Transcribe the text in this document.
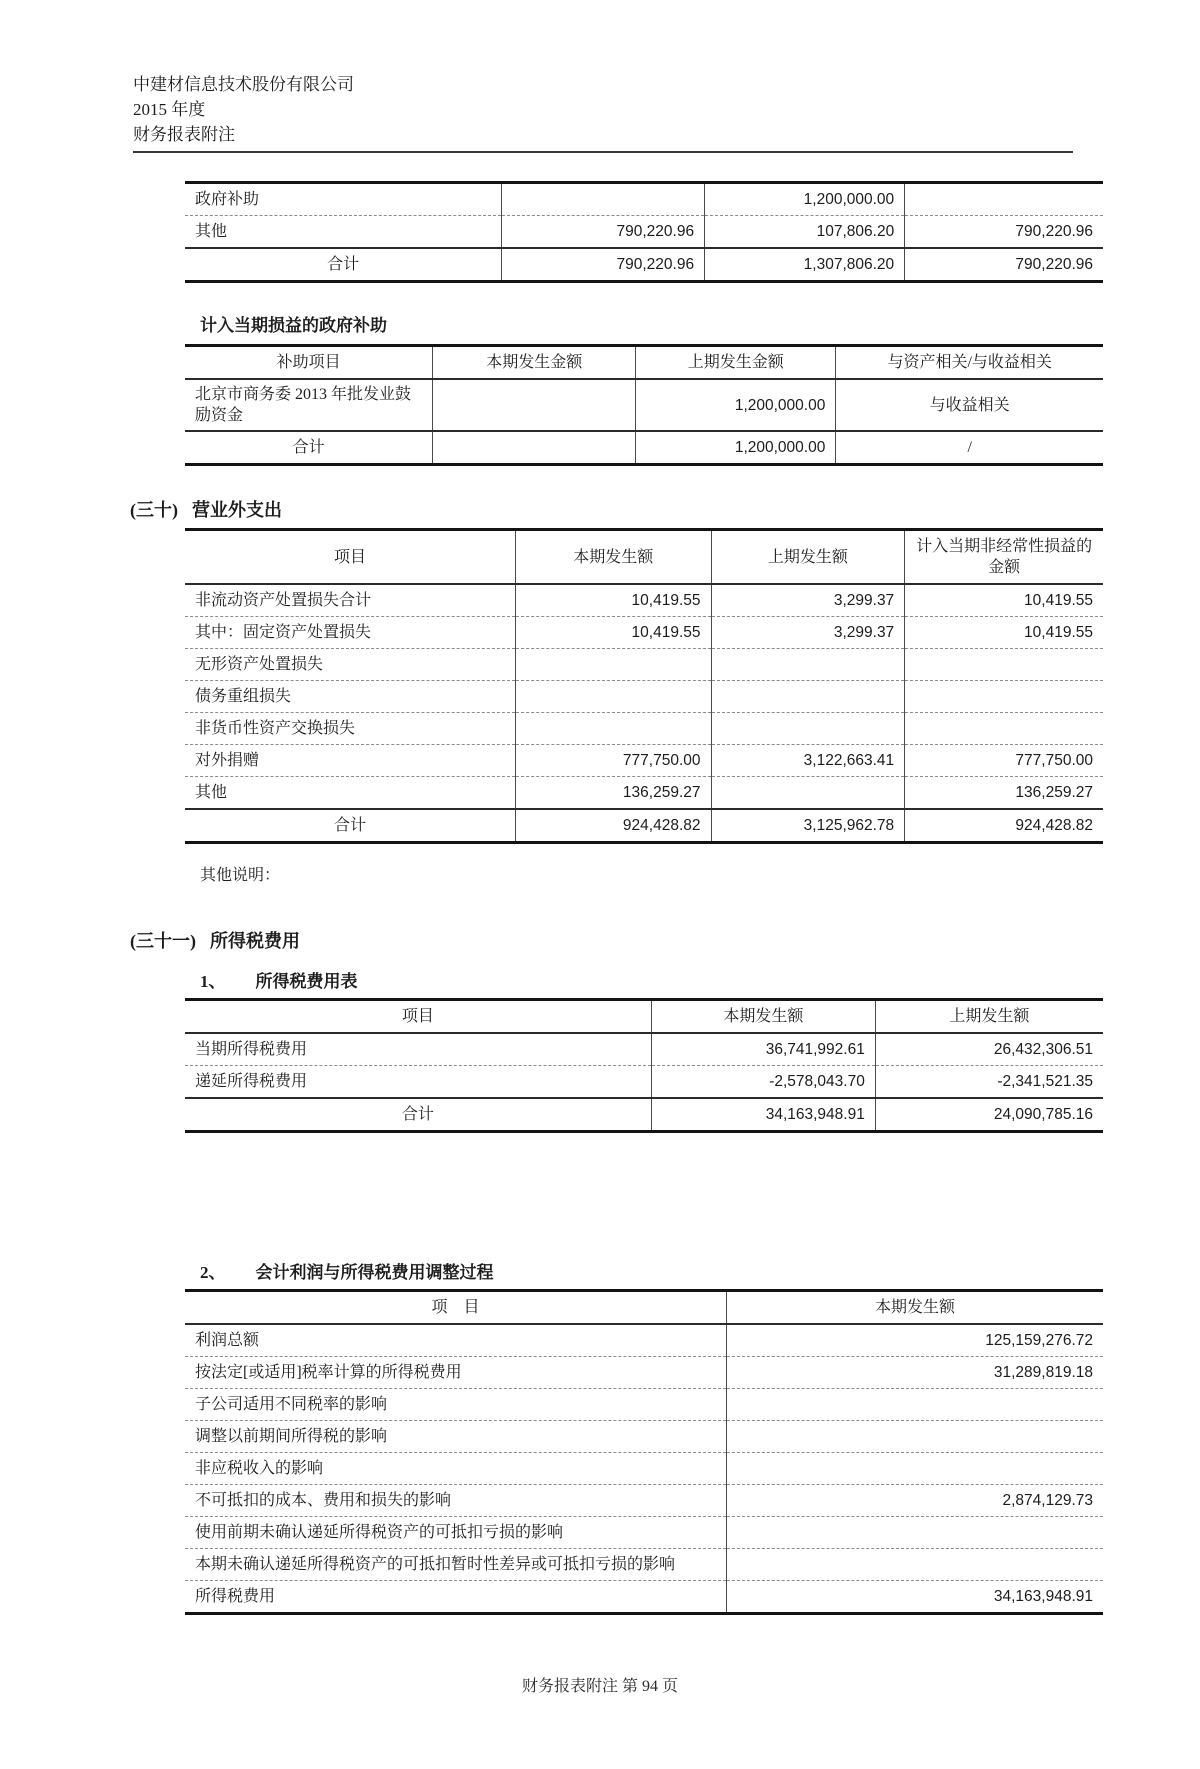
中建材信息技术股份有限公司
2015 年度
财务报表附注
政府补助		1,200,000.00	
其他	790,220.96	107,806.20	790,220.96
合计	790,220.96	1,307,806.20	790,220.96
计入当期损益的政府补助
补助项目	本期发生金额	上期发生金额	与资产相关/与收益相关
北京市商务委 2013 年批发业鼓励资金		1,200,000.00	与收益相关
合计		1,200,000.00	/
(三十) 营业外支出
项目	本期发生额	上期发生额	计入当期非经常性损益的金额
非流动资产处置损失合计	10,419.55	3,299.37	10,419.55
其中：固定资产处置损失	10,419.55	3,299.37	10,419.55
无形资产处置损失			
债务重组损失			
非货币性资产交换损失			
对外捐赠	777,750.00	3,122,663.41	777,750.00
其他	136,259.27		136,259.27
合计	924,428.82	3,125,962.78	924,428.82
其他说明：
(三十一) 所得税费用
1、 所得税费用表
项目	本期发生额	上期发生额
当期所得税费用	36,741,992.61	26,432,306.51
递延所得税费用	-2,578,043.70	-2,341,521.35
合计	34,163,948.91	24,090,785.16
2、 会计利润与所得税费用调整过程
项　目	本期发生额
利润总额	125,159,276.72
按法定[或适用]税率计算的所得税费用	31,289,819.18
子公司适用不同税率的影响	
调整以前期间所得税的影响	
非应税收入的影响	
不可抵扣的成本、费用和损失的影响	2,874,129.73
使用前期未确认递延所得税资产的可抵扣亏损的影响	
本期未确认递延所得税资产的可抵扣暂时性差异或可抵扣亏损的影响	
所得税费用	34,163,948.91
财务报表附注 第 94 页
